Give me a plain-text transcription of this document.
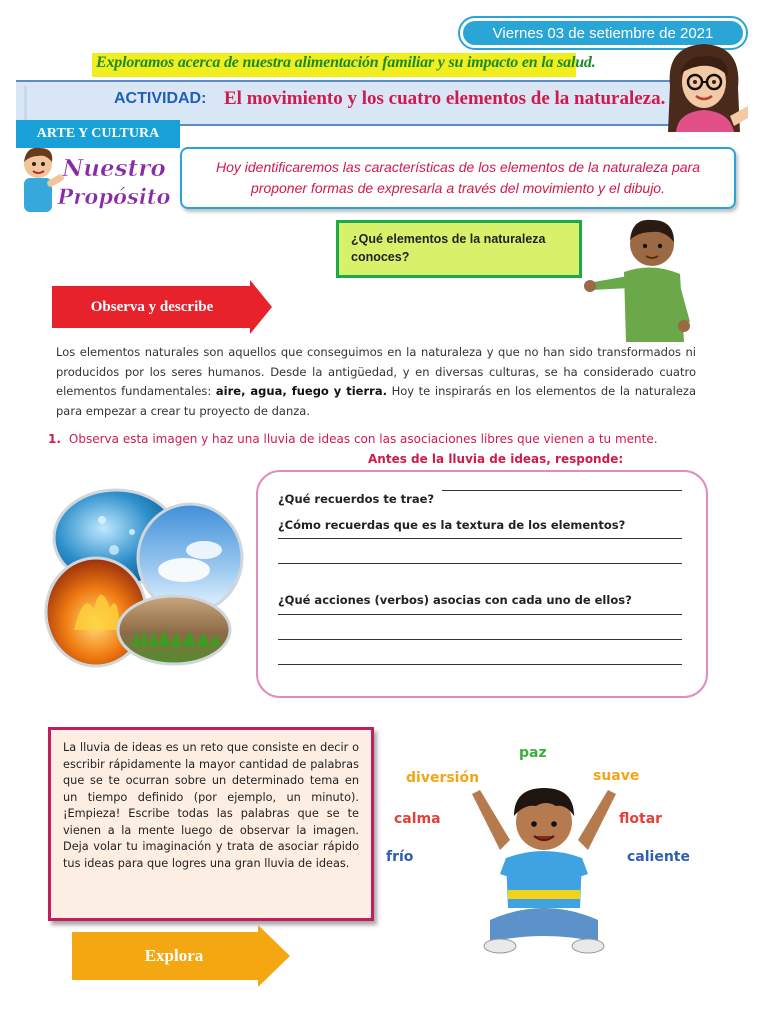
Viernes 03 de setiembre de 2021
Exploramos acerca de nuestra alimentación familiar y su impacto en la salud.
ACTIVIDAD: El movimiento y los cuatro elementos de la naturaleza.
ARTE Y CULTURA
Nuestro
Propósito
Hoy identificaremos las características de los elementos de la naturaleza para proponer formas de expresarla a través del movimiento y el dibujo.
¿Qué elementos de la naturaleza conoces?
Observa y describe
Los elementos naturales son aquellos que conseguimos en la naturaleza y que no han sido transformados ni producidos por los seres humanos. Desde la antigüedad, y en diversas culturas, se ha considerado cuatro elementos fundamentales: aire, agua, fuego y tierra. Hoy te inspirarás en los elementos de la naturaleza para empezar a crear tu proyecto de danza.
1. Observa esta imagen y haz una lluvia de ideas con las asociaciones libres que vienen a tu mente.
Antes de la lluvia de ideas, responde:
¿Qué recuerdos te trae?
¿Cómo recuerdas que es la textura de los elementos?
¿Qué acciones (verbos) asocias con cada uno de ellos?
La lluvia de ideas es un reto que consiste en decir o escribir rápidamente la mayor cantidad de palabras que se te ocurran sobre un determinado tema en un tiempo definido (por ejemplo, un minuto). ¡Empieza! Escribe todas las palabras que se te vienen a la mente luego de observar la imagen. Deja volar tu imaginación y trata de asociar rápido tus ideas para que logres una gran lluvia de ideas.
paz
diversión	suave
calma	flotar
frío	caliente
Explora
